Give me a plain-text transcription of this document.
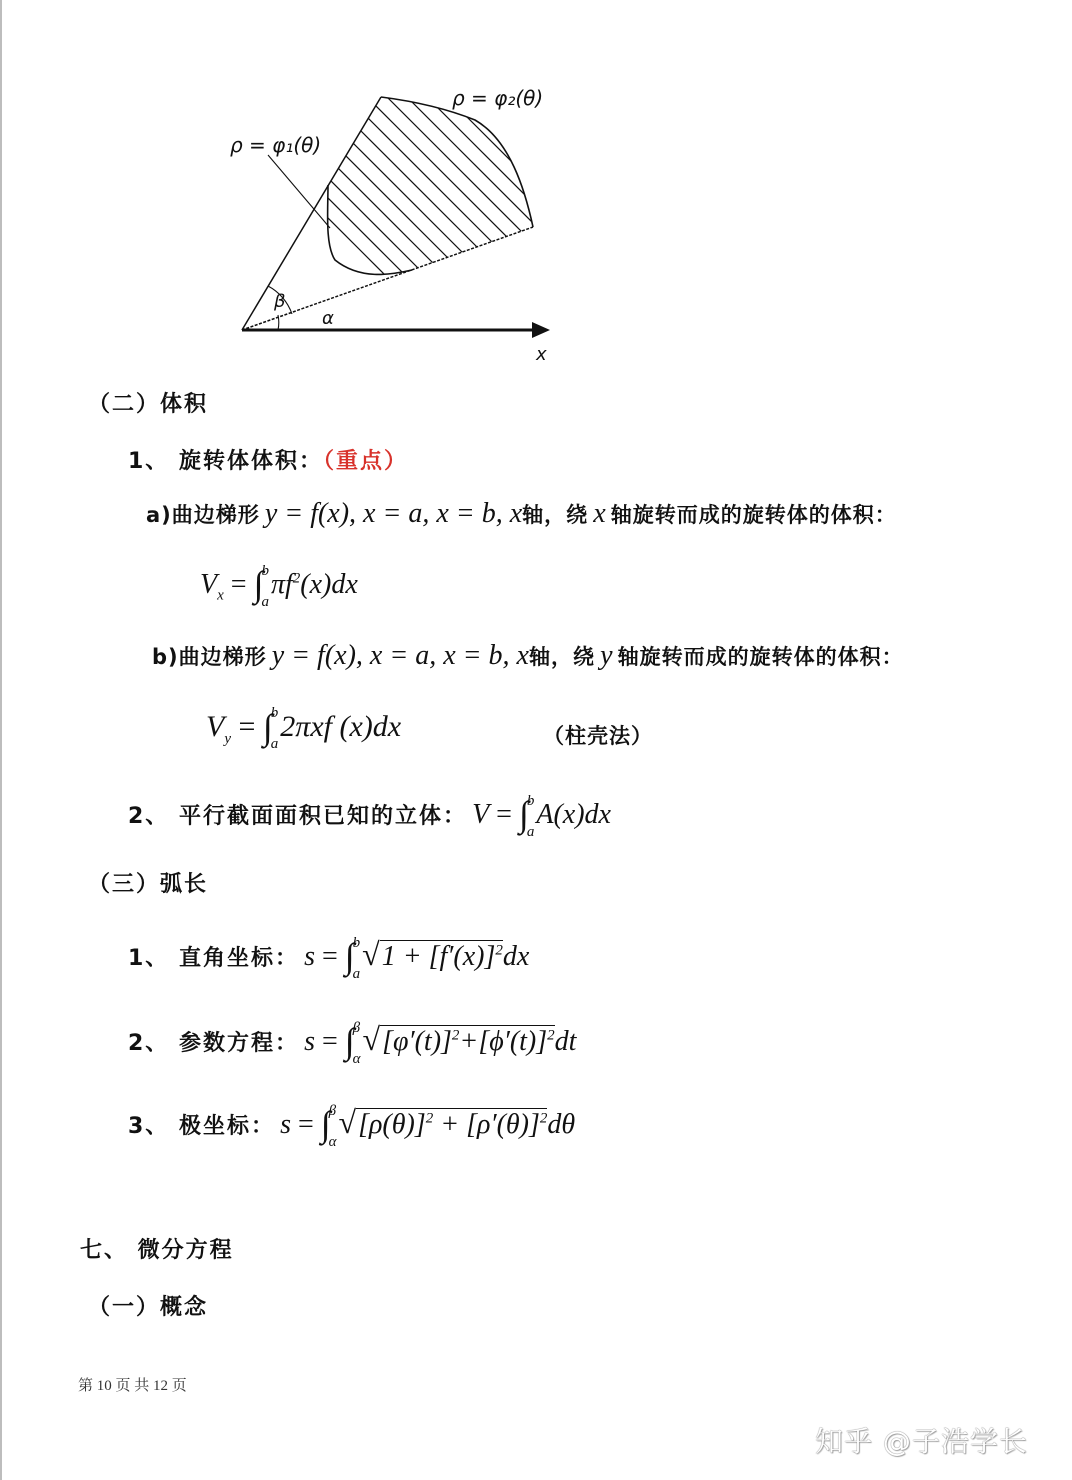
ρ = φ₂(θ)
ρ = φ₁(θ)
β
α
x
（二）体积
1、 旋转体体积：（重点）
a)曲边梯形 y = f(x), x = a, x = b, x轴，绕 x 轴旋转而成的旋转体的体积：
$V_x$ = ∫
b
a
$\pi f^2(x)dx$
b)曲边梯形 y = f(x), x = a, x = b, x轴，绕 y 轴旋转而成的旋转体的体积：
$V_y$ = ∫
b
a
2πxf (x)dx	（柱壳法）
2、 平行截面面积已知的立体： V = ∫
b
a
A(x)dx
（三）弧长
1、 直角坐标： s = ∫
b
a
$√1 + [f'(x)]^2dx$
2、 参数方程： s = ∫
β
α
$√[\varphi'(t)]^2+[\phi'(t)]^2dt$
3、 极坐标： s = ∫
β
α
$√[\rho(\theta)]^2 + [\rho'(\theta)]^2d\theta$
七、 微分方程
（一）概念
第 10 页 共 12 页
知乎 @子浩学长
